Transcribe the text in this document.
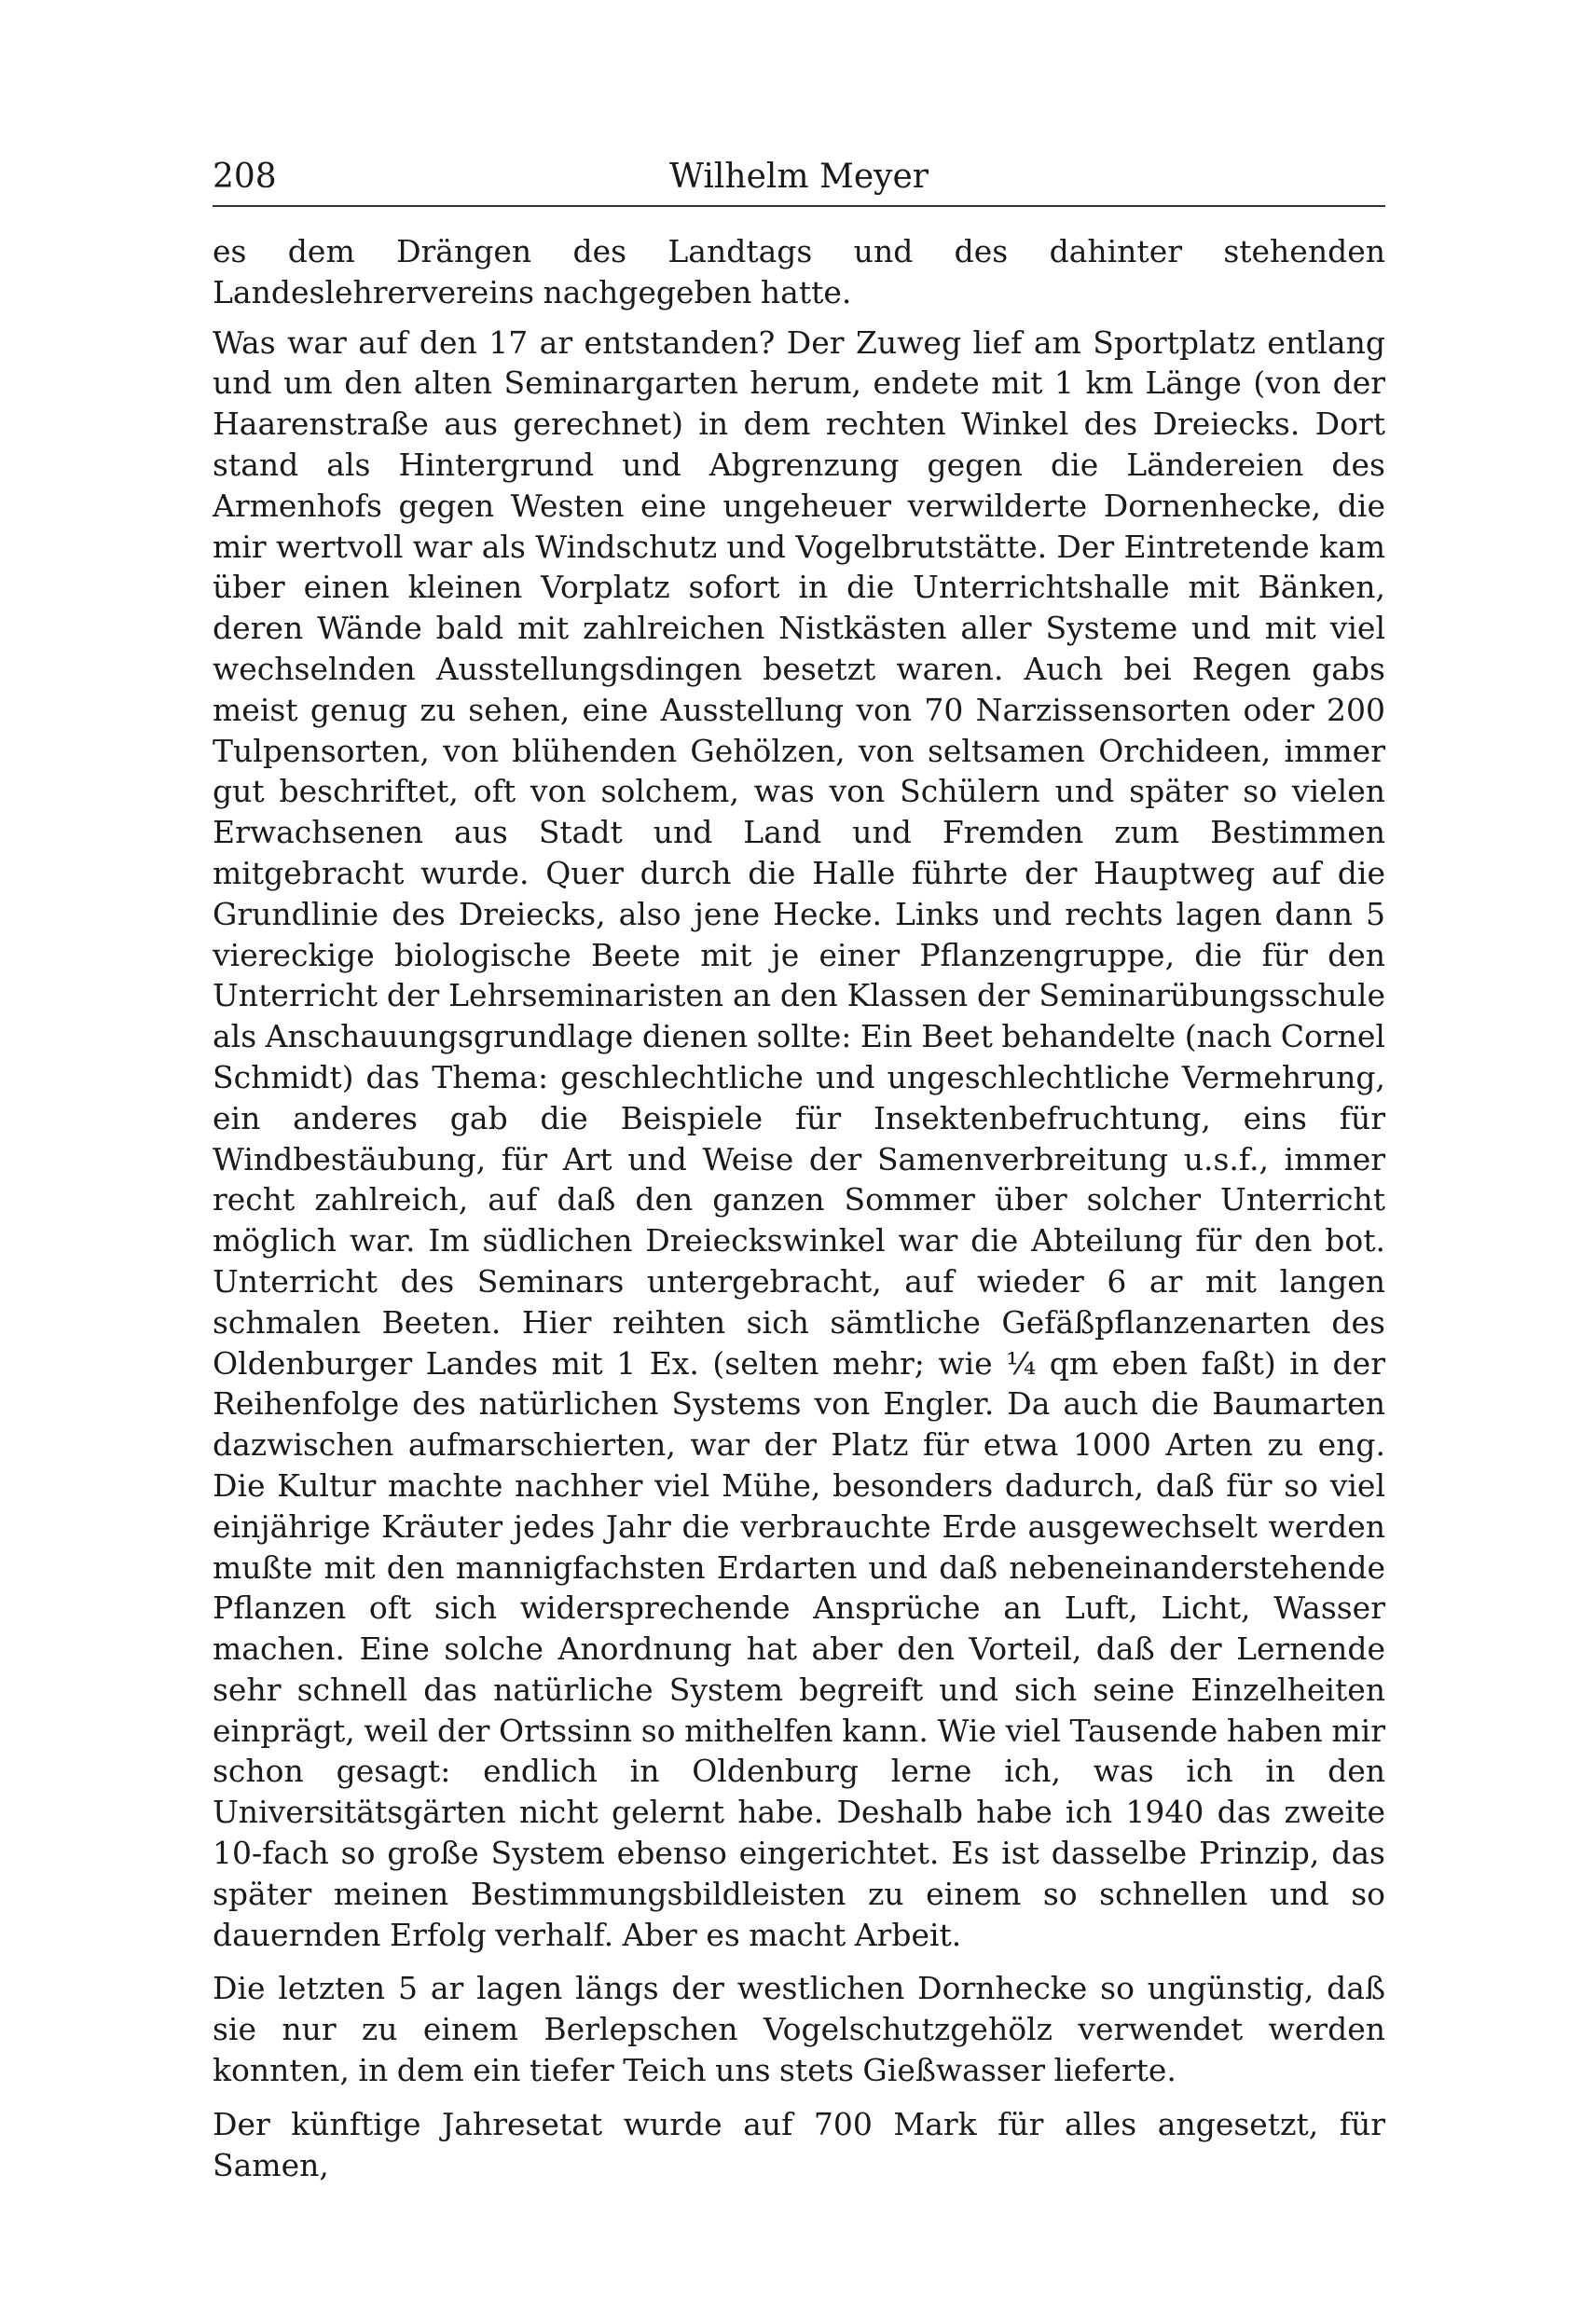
208	Wilhelm Meyer

es dem Drängen des Landtags und des dahinter stehenden Landeslehrervereins nachgegeben hatte.

Was war auf den 17 ar entstanden? Der Zuweg lief am Sportplatz entlang und um den alten Seminargarten herum, endete mit 1 km Länge (von der Haarenstraße aus gerechnet) in dem rechten Winkel des Dreiecks. Dort stand als Hintergrund und Abgrenzung gegen die Ländereien des Armenhofs gegen Westen eine ungeheuer verwilderte Dornenhecke, die mir wertvoll war als Windschutz und Vogelbrutstätte. Der Eintretende kam über einen kleinen Vorplatz sofort in die Unterrichtshalle mit Bänken, deren Wände bald mit zahlreichen Nistkästen aller Systeme und mit viel wechselnden Ausstellungsdingen besetzt waren. Auch bei Regen gabs meist genug zu sehen, eine Ausstellung von 70 Narzissensorten oder 200 Tulpensorten, von blühenden Gehölzen, von seltsamen Orchideen, immer gut beschriftet, oft von solchem, was von Schülern und später so vielen Erwachsenen aus Stadt und Land und Fremden zum Bestimmen mitgebracht wurde. Quer durch die Halle führte der Hauptweg auf die Grundlinie des Dreiecks, also jene Hecke. Links und rechts lagen dann 5 viereckige biologische Beete mit je einer Pflanzengruppe, die für den Unterricht der Lehrseminaristen an den Klassen der Seminarübungsschule als Anschauungsgrundlage dienen sollte: Ein Beet behandelte (nach Cornel Schmidt) das Thema: geschlechtliche und ungeschlechtliche Vermehrung, ein anderes gab die Beispiele für Insektenbefruchtung, eins für Windbestäubung, für Art und Weise der Samenverbreitung u.s.f., immer recht zahlreich, auf daß den ganzen Sommer über solcher Unterricht möglich war. Im südlichen Dreieckswinkel war die Abteilung für den bot. Unterricht des Seminars untergebracht, auf wieder 6 ar mit langen schmalen Beeten. Hier reihten sich sämtliche Gefäßpflanzenarten des Oldenburger Landes mit 1 Ex. (selten mehr; wie ¼ qm eben faßt) in der Reihenfolge des natürlichen Systems von Engler. Da auch die Baumarten dazwischen aufmarschierten, war der Platz für etwa 1000 Arten zu eng. Die Kultur machte nachher viel Mühe, besonders dadurch, daß für so viel einjährige Kräuter jedes Jahr die verbrauchte Erde ausgewechselt werden mußte mit den mannigfachsten Erdarten und daß nebeneinanderstehende Pflanzen oft sich widersprechende Ansprüche an Luft, Licht, Wasser machen. Eine solche Anordnung hat aber den Vorteil, daß der Lernende sehr schnell das natürliche System begreift und sich seine Einzelheiten einprägt, weil der Ortssinn so mithelfen kann. Wie viel Tausende haben mir schon gesagt: endlich in Oldenburg lerne ich, was ich in den Universitätsgärten nicht gelernt habe. Deshalb habe ich 1940 das zweite 10-fach so große System ebenso eingerichtet. Es ist dasselbe Prinzip, das später meinen Bestimmungsbildleisten zu einem so schnellen und so dauernden Erfolg verhalf. Aber es macht Arbeit.

Die letzten 5 ar lagen längs der westlichen Dornhecke so ungünstig, daß sie nur zu einem Berlepschen Vogelschutzgehölz verwendet werden konnten, in dem ein tiefer Teich uns stets Gießwasser lieferte.

Der künftige Jahresetat wurde auf 700 Mark für alles angesetzt, für Samen,
